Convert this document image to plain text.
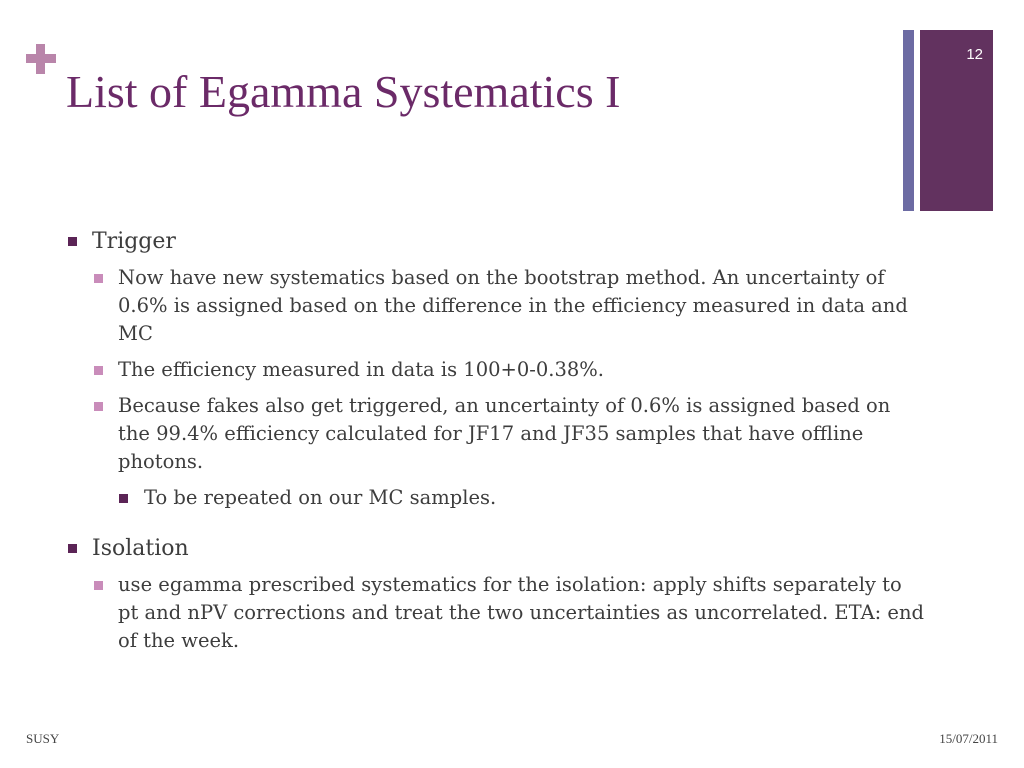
List of Egamma Systematics I
12
Trigger
Now have new systematics based on the bootstrap method. An uncertainty of 0.6% is assigned based on the difference in the efficiency measured in data and MC
The efficiency measured in data is 100+0-0.38%.
Because fakes also get triggered, an uncertainty of 0.6% is assigned based on the 99.4% efficiency calculated for JF17 and JF35 samples that have offline photons.
To be repeated on our MC samples.
Isolation
use egamma prescribed systematics for the isolation: apply shifts separately to pt and nPV corrections and treat the two uncertainties as uncorrelated. ETA: end of the week.
SUSY	15/07/2011
